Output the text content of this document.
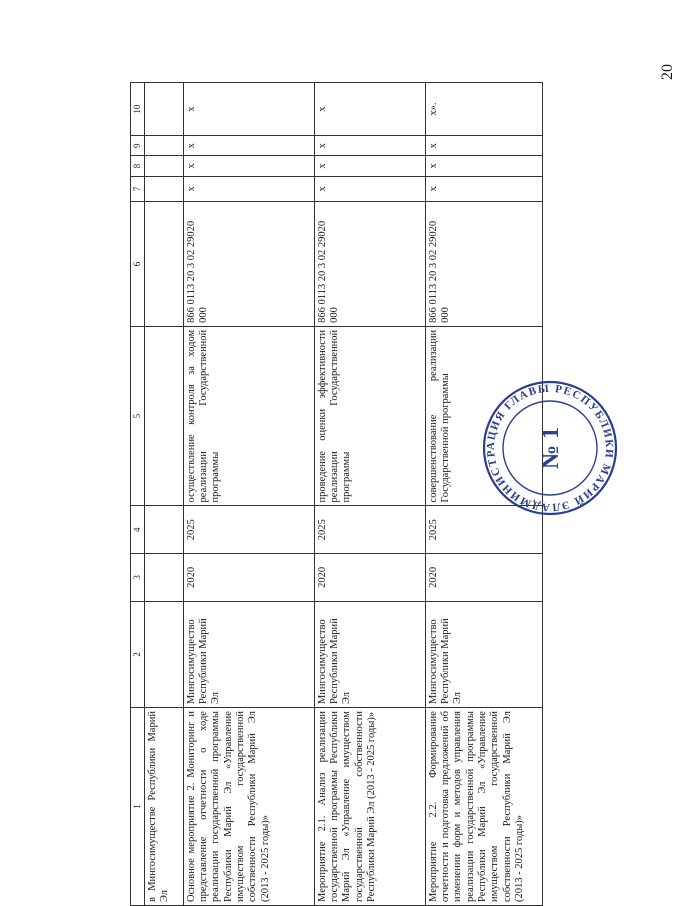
20
1	2	3	4	5	6	7	8	9	10
в Мингосимуществе Республики Марий Эл									
Основное мероприятие 2. Мониторинг и представление отчетности о ходе реализации государственной программы Республики Марий Эл «Управление имуществом государственной собственности Республики Марий Эл (2013 - 2025 годы)»	Мингосимущество Республики Марий Эл	2020	2025	осуществление контроля за ходом реализации Государственной программы	866 0113 20 3 02 29020 000	х	х	х	х
Мероприятие 2.1. Анализ реализации государственной программы Республики Марий Эл «Управление имуществом государственной собственности Республики Марий Эл (2013 - 2025 годы)»	Мингосимущество Республики Марий Эл	2020	2025	проведение оценки эффективности реализации Государственной программы	866 0113 20 3 02 29020 000	х	х	х	х
Мероприятие 2.2. Формирование отчетности и подготовка предложений об изменении форм и методов управления реализации государственной программы Республики Марий Эл «Управление имуществом государственной собственности Республики Марий Эл (2013 - 2025 годы)»	Мингосимущество Республики Марий Эл	2020	2025	совершенствование реализации Государственной программы	866 0113 20 3 02 29020 000	х	х	х	х».
АДМИНИСТРАЦИЯ ГЛАВЫ РЕСПУБЛИКИ МАРИЙ ЭЛ
№ 1
